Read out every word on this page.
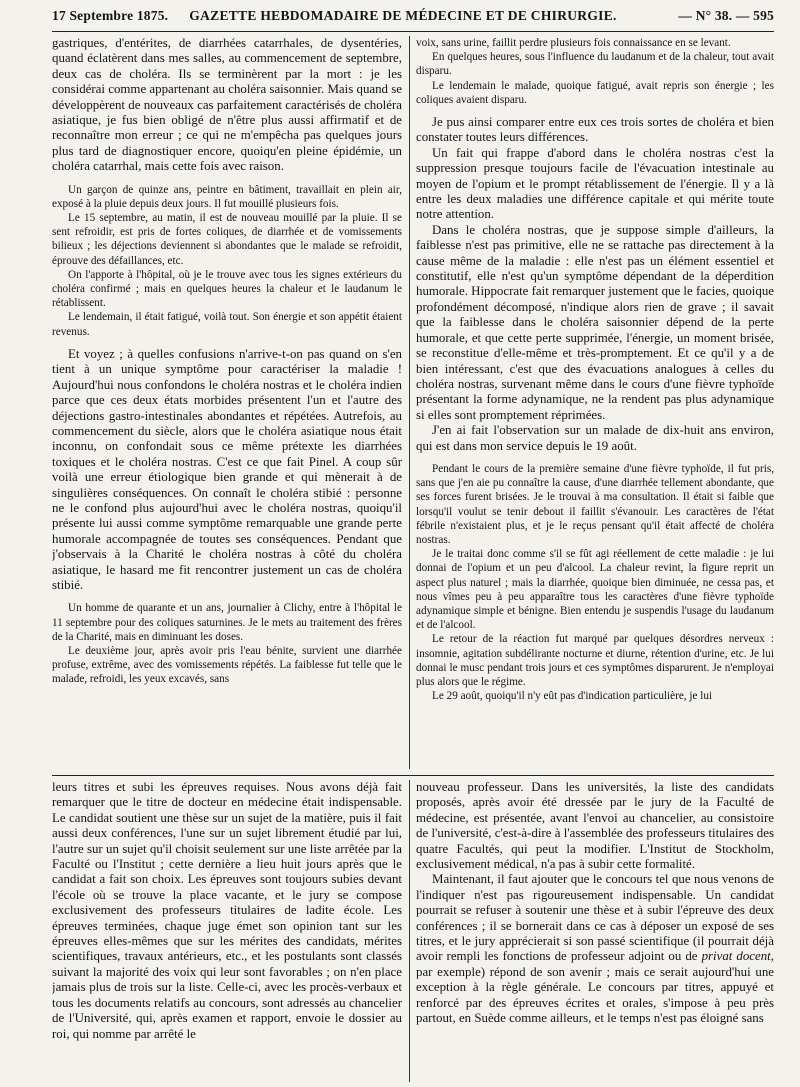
17 Septembre 1875.	GAZETTE HEBDOMADAIRE DE MÉDECINE ET DE CHIRURGIE.	— N° 38. — 595

gastriques, d'entérites, de diarrhées catarrhales, de dysentéries, quand éclatèrent dans mes salles, au commencement de septembre, deux cas de choléra. Ils se terminèrent par la mort : je les considérai comme appartenant au choléra saisonnier. Mais quand se développèrent de nouveaux cas parfaitement caractérisés de choléra asiatique, je fus bien obligé de n'être plus aussi affirmatif et de reconnaître mon erreur ; ce qui ne m'empêcha pas quelques jours plus tard de diagnostiquer encore, quoiqu'en pleine épidémie, un choléra catarrhal, mais cette fois avec raison.

Un garçon de quinze ans, peintre en bâtiment, travaillait en plein air, exposé à la pluie depuis deux jours. Il fut mouillé plusieurs fois.

Le 15 septembre, au matin, il est de nouveau mouillé par la pluie. Il se sent refroidir, est pris de fortes coliques, de diarrhée et de vomissements bilieux ; les déjections deviennent si abondantes que le malade se refroidit, éprouve des défaillances, etc.

On l'apporte à l'hôpital, où je le trouve avec tous les signes extérieurs du choléra confirmé ; mais en quelques heures la chaleur et le laudanum le rétablissent.

Le lendemain, il était fatigué, voilà tout. Son énergie et son appétit étaient revenus.

Et voyez ; à quelles confusions n'arrive-t-on pas quand on s'en tient à un unique symptôme pour caractériser la maladie ! Aujourd'hui nous confondons le choléra nostras et le choléra indien parce que ces deux états morbides présentent l'un et l'autre des déjections gastro-intestinales abondantes et répétées. Autrefois, au commencement du siècle, alors que le choléra asiatique nous était inconnu, on confondait sous ce même prétexte les diarrhées toxiques et le choléra nostras. C'est ce que fait Pinel. A coup sûr voilà une erreur étiologique bien grande et qui mènerait à de singulières conséquences. On connaît le choléra stibié : personne ne le confond plus aujourd'hui avec le choléra nostras, quoiqu'il présente lui aussi comme symptôme remarquable une grande perte humorale accompagnée de toutes ses conséquences. Pendant que j'observais à la Charité le choléra nostras à côté du choléra asiatique, le hasard me fit rencontrer justement un cas de choléra stibié.

Un homme de quarante et un ans, journalier à Clichy, entre à l'hôpital le 11 septembre pour des coliques saturnines. Je le mets au traitement des frères de la Charité, mais en diminuant les doses.

Le deuxième jour, après avoir pris l'eau bénite, survient une diarrhée profuse, extrême, avec des vomissements répétés. La faiblesse fut telle que le malade, refroidi, les yeux excavés, sans

voix, sans urine, faillit perdre plusieurs fois connaissance en se levant.

En quelques heures, sous l'influence du laudanum et de la chaleur, tout avait disparu.

Le lendemain le malade, quoique fatigué, avait repris son énergie ; les coliques avaient disparu.

Je pus ainsi comparer entre eux ces trois sortes de choléra et bien constater toutes leurs différences.

Un fait qui frappe d'abord dans le choléra nostras c'est la suppression presque toujours facile de l'évacuation intestinale au moyen de l'opium et le prompt rétablissement de l'énergie. Il y a là entre les deux maladies une différence capitale et qui mérite toute notre attention.

Dans le choléra nostras, que je suppose simple d'ailleurs, la faiblesse n'est pas primitive, elle ne se rattache pas directement à la cause même de la maladie : elle n'est pas un élément essentiel et constitutif, elle n'est qu'un symptôme dépendant de la déperdition humorale. Hippocrate fait remarquer justement que le facies, quoique profondément décomposé, n'indique alors rien de grave ; il savait que la faiblesse dans le choléra saisonnier dépend de la perte humorale, et que cette perte supprimée, l'énergie, un moment brisée, se reconstitue d'elle-même et très-promptement. Et ce qu'il y a de bien intéressant, c'est que des évacuations analogues à celles du choléra nostras, survenant même dans le cours d'une fièvre typhoïde présentant la forme adynamique, ne la rendent pas plus adynamique si elles sont promptement réprimées.

J'en ai fait l'observation sur un malade de dix-huit ans environ, qui est dans mon service depuis le 19 août.

Pendant le cours de la première semaine d'une fièvre typhoïde, il fut pris, sans que j'en aie pu connaître la cause, d'une diarrhée tellement abondante, que ses forces furent brisées. Je le trouvai à ma consultation. Il était si faible que lorsqu'il voulut se tenir debout il faillit s'évanouir. Les caractères de l'état fébrile n'existaient plus, et je le reçus pensant qu'il était affecté de choléra nostras.

Je le traitai donc comme s'il se fût agi réellement de cette maladie : je lui donnai de l'opium et un peu d'alcool. La chaleur revint, la figure reprit un aspect plus naturel ; mais la diarrhée, quoique bien diminuée, ne cessa pas, et nous vîmes peu à peu apparaître tous les caractères d'une fièvre typhoïde adynamique simple et bénigne. Bien entendu je suspendis l'usage du laudanum et de l'alcool.

Le retour de la réaction fut marqué par quelques désordres nerveux : insomnie, agitation subdélirante nocturne et diurne, rétention d'urine, etc. Je lui donnai le musc pendant trois jours et ces symptômes disparurent. Je n'employai plus alors que le régime.

Le 29 août, quoiqu'il n'y eût pas d'indication particulière, je lui

leurs titres et subi les épreuves requises. Nous avons déjà fait remarquer que le titre de docteur en médecine était indispensable. Le candidat soutient une thèse sur un sujet de la matière, puis il fait aussi deux conférences, l'une sur un sujet librement étudié par lui, l'autre sur un sujet qu'il choisit seulement sur une liste arrêtée par la Faculté ou l'Institut ; cette dernière a lieu huit jours après que le candidat a fait son choix. Les épreuves sont toujours subies devant l'école où se trouve la place vacante, et le jury se compose exclusivement des professeurs titulaires de ladite école. Les épreuves terminées, chaque juge émet son opinion tant sur les épreuves elles-mêmes que sur les mérites des candidats, mérites scientifiques, travaux antérieurs, etc., et les postulants sont classés suivant la majorité des voix qui leur sont favorables ; on n'en place jamais plus de trois sur la liste. Celle-ci, avec les procès-verbaux et tous les documents relatifs au concours, sont adressés au chancelier de l'Université, qui, après examen et rapport, envoie le dossier au roi, qui nomme par arrêté le

nouveau professeur. Dans les universités, la liste des candidats proposés, après avoir été dressée par le jury de la Faculté de médecine, est présentée, avant l'envoi au chancelier, au consistoire de l'université, c'est-à-dire à l'assemblée des professeurs titulaires des quatre Facultés, qui peut la modifier. L'Institut de Stockholm, exclusivement médical, n'a pas à subir cette formalité.

Maintenant, il faut ajouter que le concours tel que nous venons de l'indiquer n'est pas rigoureusement indispensable. Un candidat pourrait se refuser à soutenir une thèse et à subir l'épreuve des deux conférences ; il se bornerait dans ce cas à déposer un exposé de ses titres, et le jury apprécierait si son passé scientifique (il pourrait déjà avoir rempli les fonctions de professeur adjoint ou de privat docent, par exemple) répond de son avenir ; mais ce serait aujourd'hui une exception à la règle générale. Le concours par titres, appuyé et renforcé par des épreuves écrites et orales, s'impose à peu près partout, en Suède comme ailleurs, et le temps n'est pas éloigné sans
